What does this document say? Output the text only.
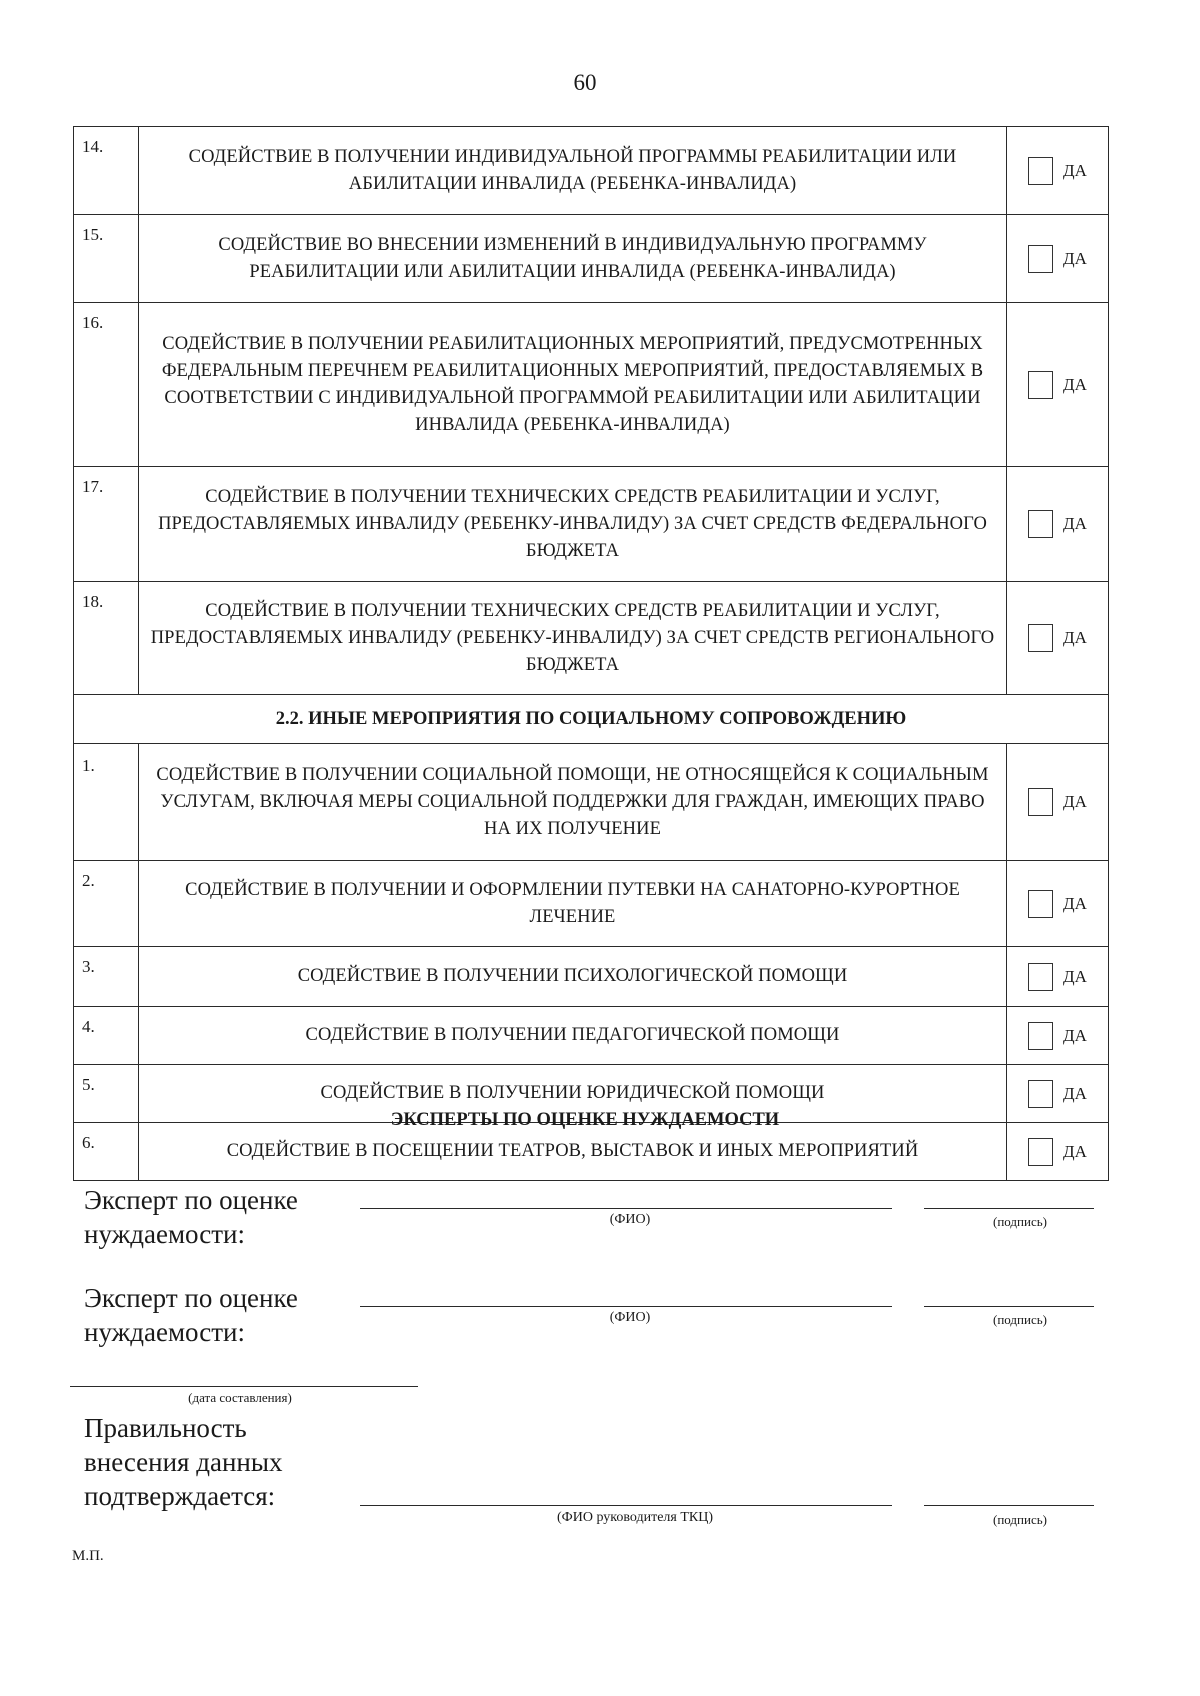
60
14.	СОДЕЙСТВИЕ В ПОЛУЧЕНИИ ИНДИВИДУАЛЬНОЙ ПРОГРАММЫ РЕАБИЛИТАЦИИ ИЛИ АБИЛИТАЦИИ ИНВАЛИДА (РЕБЕНКА-ИНВАЛИДА)	ДА

15.	СОДЕЙСТВИЕ ВО ВНЕСЕНИИ ИЗМЕНЕНИЙ В ИНДИВИДУАЛЬНУЮ ПРОГРАММУ РЕАБИЛИТАЦИИ ИЛИ АБИЛИТАЦИИ ИНВАЛИДА (РЕБЕНКА-ИНВАЛИДА)	ДА

16.	СОДЕЙСТВИЕ В ПОЛУЧЕНИИ РЕАБИЛИТАЦИОННЫХ МЕРОПРИЯТИЙ, ПРЕДУСМОТРЕННЫХ ФЕДЕРАЛЬНЫМ ПЕРЕЧНЕМ РЕАБИЛИТАЦИОННЫХ МЕРОПРИЯТИЙ, ПРЕДОСТАВЛЯЕМЫХ В СООТВЕТСТВИИ С ИНДИВИДУАЛЬНОЙ ПРОГРАММОЙ РЕАБИЛИТАЦИИ ИЛИ АБИЛИТАЦИИ ИНВАЛИДА (РЕБЕНКА-ИНВАЛИДА)	ДА

17.	СОДЕЙСТВИЕ В ПОЛУЧЕНИИ ТЕХНИЧЕСКИХ СРЕДСТВ РЕАБИЛИТАЦИИ И УСЛУГ, ПРЕДОСТАВЛЯЕМЫХ ИНВАЛИДУ (РЕБЕНКУ-ИНВАЛИДУ) ЗА СЧЕТ СРЕДСТВ ФЕДЕРАЛЬНОГО БЮДЖЕТА	ДА

18.	СОДЕЙСТВИЕ В ПОЛУЧЕНИИ ТЕХНИЧЕСКИХ СРЕДСТВ РЕАБИЛИТАЦИИ И УСЛУГ, ПРЕДОСТАВЛЯЕМЫХ ИНВАЛИДУ (РЕБЕНКУ-ИНВАЛИДУ) ЗА СЧЕТ СРЕДСТВ РЕГИОНАЛЬНОГО БЮДЖЕТА	ДА

2.2. ИНЫЕ МЕРОПРИЯТИЯ ПО СОЦИАЛЬНОМУ СОПРОВОЖДЕНИЮ		
1.	СОДЕЙСТВИЕ В ПОЛУЧЕНИИ СОЦИАЛЬНОЙ ПОМОЩИ, НЕ ОТНОСЯЩЕЙСЯ К СОЦИАЛЬНЫМ УСЛУГАМ, ВКЛЮЧАЯ МЕРЫ СОЦИАЛЬНОЙ ПОДДЕРЖКИ ДЛЯ ГРАЖДАН, ИМЕЮЩИХ ПРАВО НА ИХ ПОЛУЧЕНИЕ	ДА

2.	СОДЕЙСТВИЕ В ПОЛУЧЕНИИ И ОФОРМЛЕНИИ ПУТЕВКИ НА САНАТОРНО-КУРОРТНОЕ ЛЕЧЕНИЕ	ДА

3.	СОДЕЙСТВИЕ В ПОЛУЧЕНИИ ПСИХОЛОГИЧЕСКОЙ ПОМОЩИ	ДА

4.	СОДЕЙСТВИЕ В ПОЛУЧЕНИИ ПЕДАГОГИЧЕСКОЙ ПОМОЩИ	ДА

5.	СОДЕЙСТВИЕ В ПОЛУЧЕНИИ ЮРИДИЧЕСКОЙ ПОМОЩИ	ДА

6.	СОДЕЙСТВИЕ В ПОСЕЩЕНИИ ТЕАТРОВ, ВЫСТАВОК И ИНЫХ МЕРОПРИЯТИЙ	ДА
ЭКСПЕРТЫ ПО ОЦЕНКЕ НУЖДАЕМОСТИ
Эксперт по оценке
нуждаемости:	(ФИО)	(подпись)
Эксперт по оценке
нуждаемости:	(ФИО)	(подпись)
(дата составления)
Правильность
внесения данных
подтверждается:
(ФИО руководителя ТКЦ)	(подпись)
М.П.
